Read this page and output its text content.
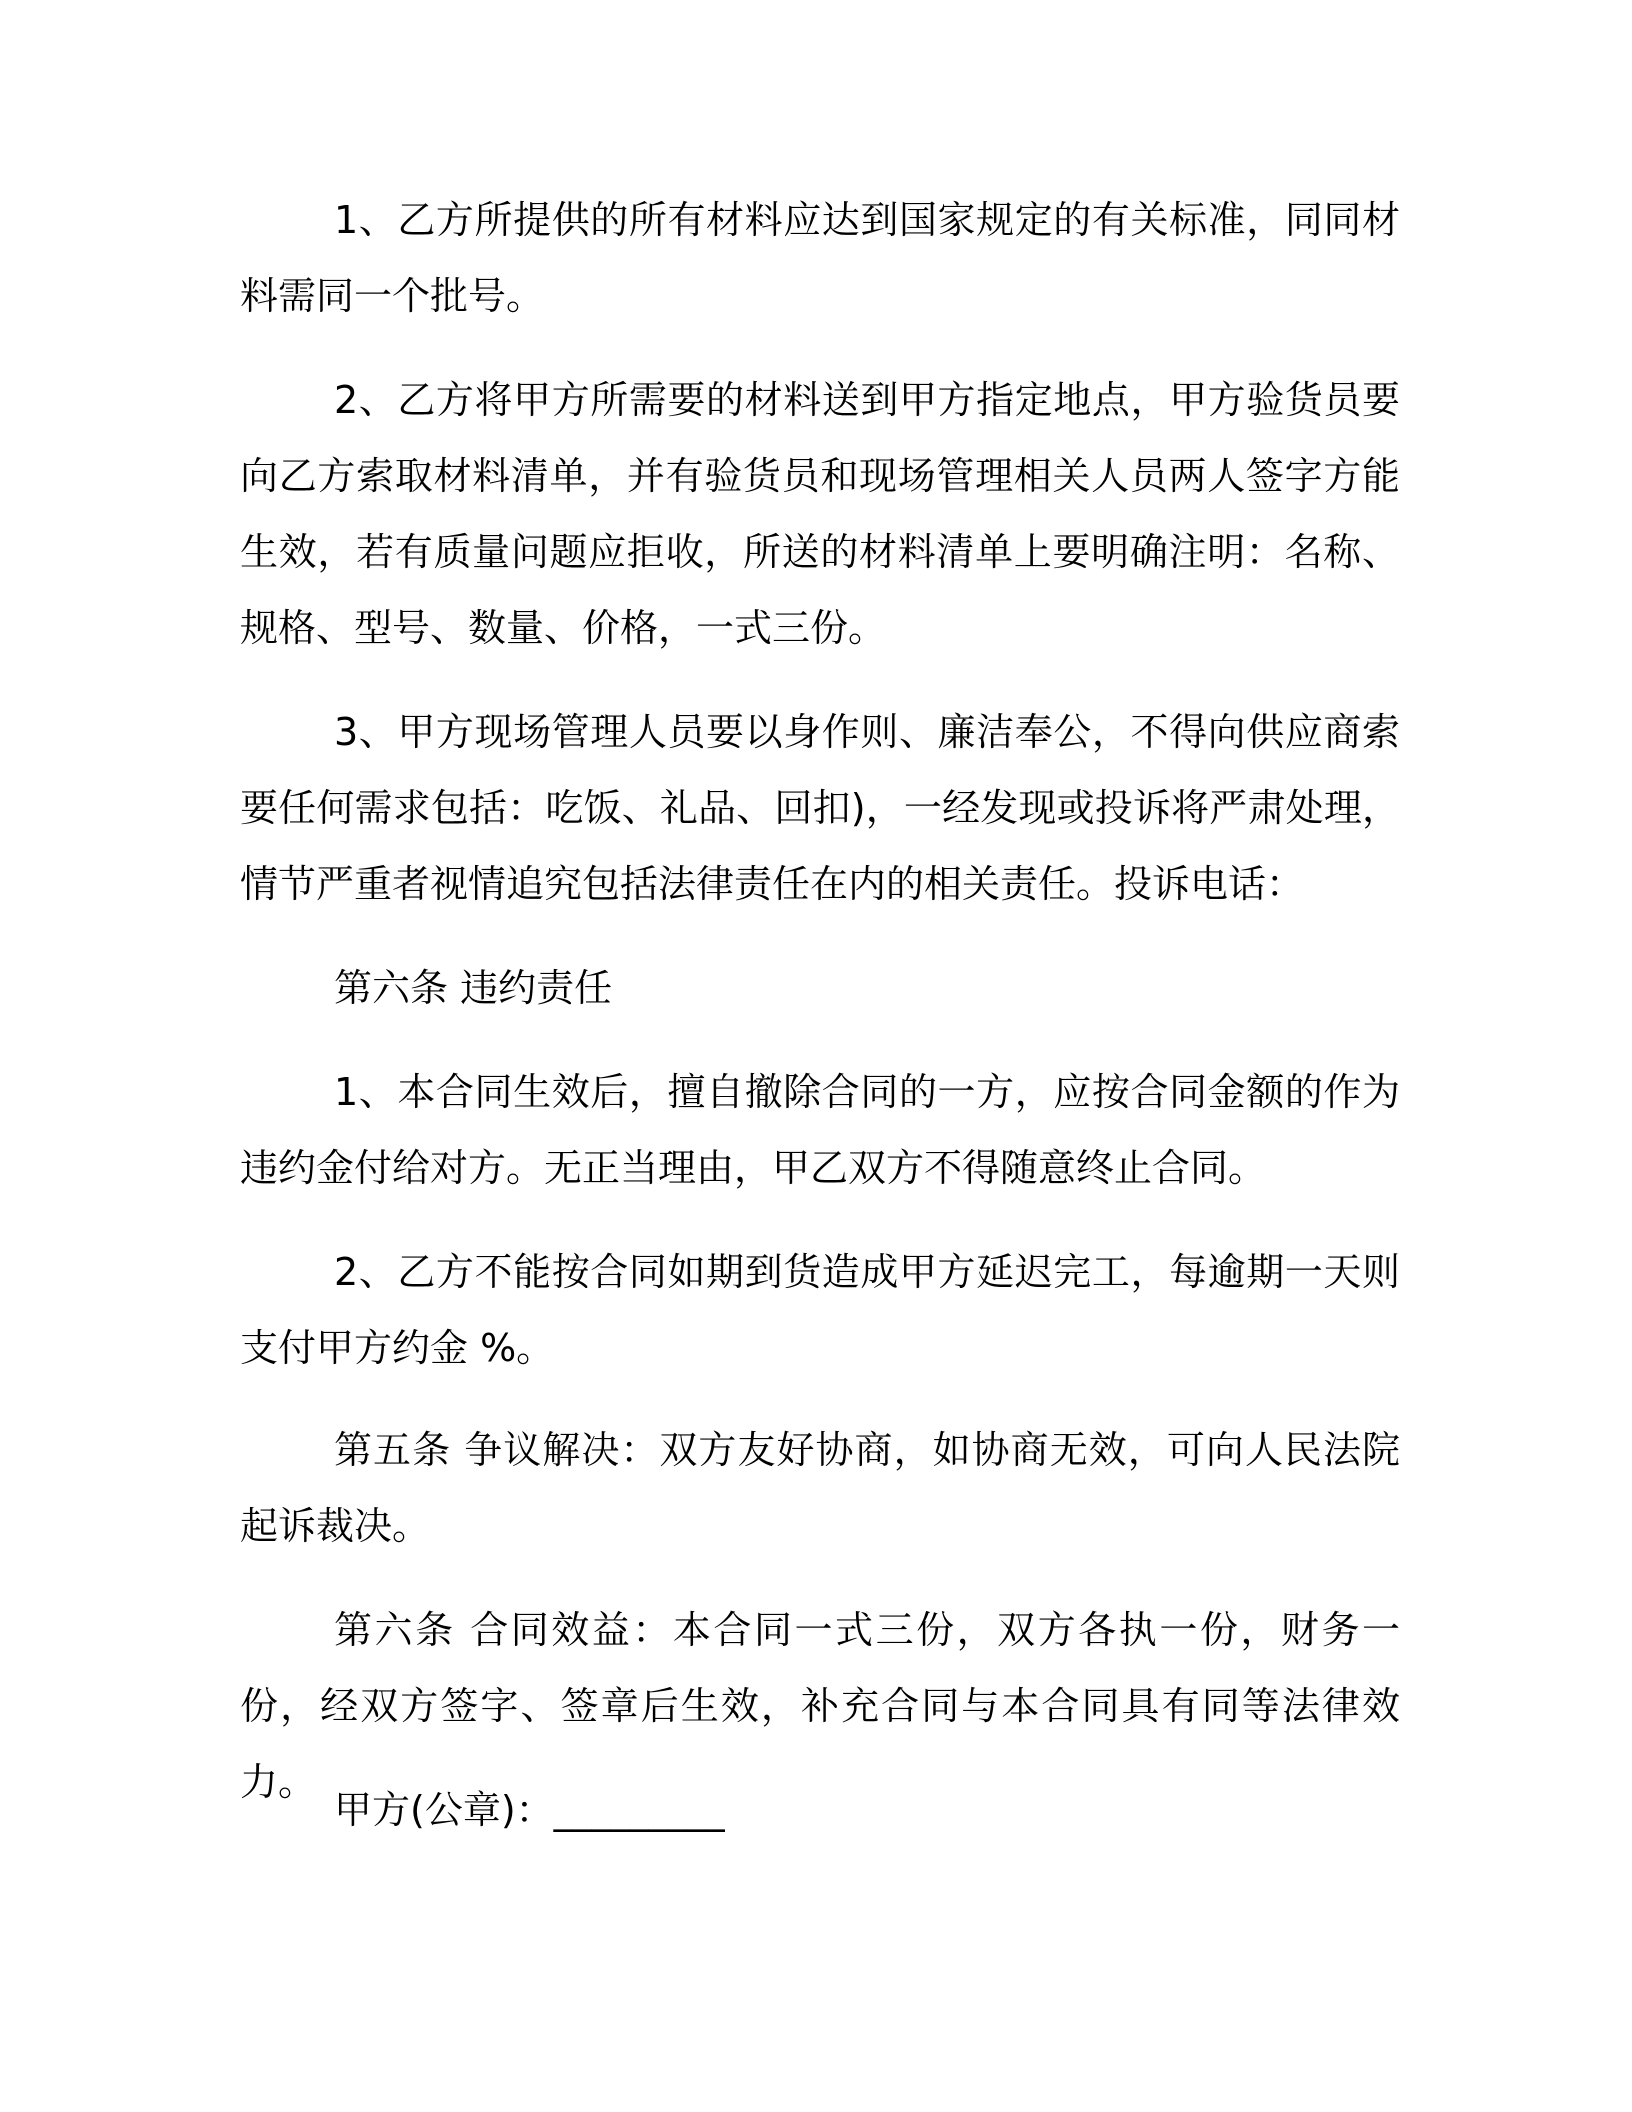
1、乙方所提供的所有材料应达到国家规定的有关标准，同同材料需同一个批号。

2、乙方将甲方所需要的材料送到甲方指定地点，甲方验货员要向乙方索取材料清单，并有验货员和现场管理相关人员两人签字方能生效，若有质量问题应拒收，所送的材料清单上要明确注明：名称、规格、型号、数量、价格，一式三份。

3、甲方现场管理人员要以身作则、廉洁奉公，不得向供应商索要任何需求包括：吃饭、礼品、回扣)，一经发现或投诉将严肃处理，情节严重者视情追究包括法律责任在内的相关责任。投诉电话：

第六条 违约责任

1、本合同生效后，擅自撤除合同的一方，应按合同金额的作为违约金付给对方。无正当理由，甲乙双方不得随意终止合同。

2、乙方不能按合同如期到货造成甲方延迟完工，每逾期一天则支付甲方约金 %。

第五条 争议解决：双方友好协商，如协商无效，可向人民法院起诉裁决。

第六条 合同效益：本合同一式三份，双方各执一份，财务一份，经双方签字、签章后生效，补充合同与本合同具有同等法律效力。

甲方(公章)：_________
